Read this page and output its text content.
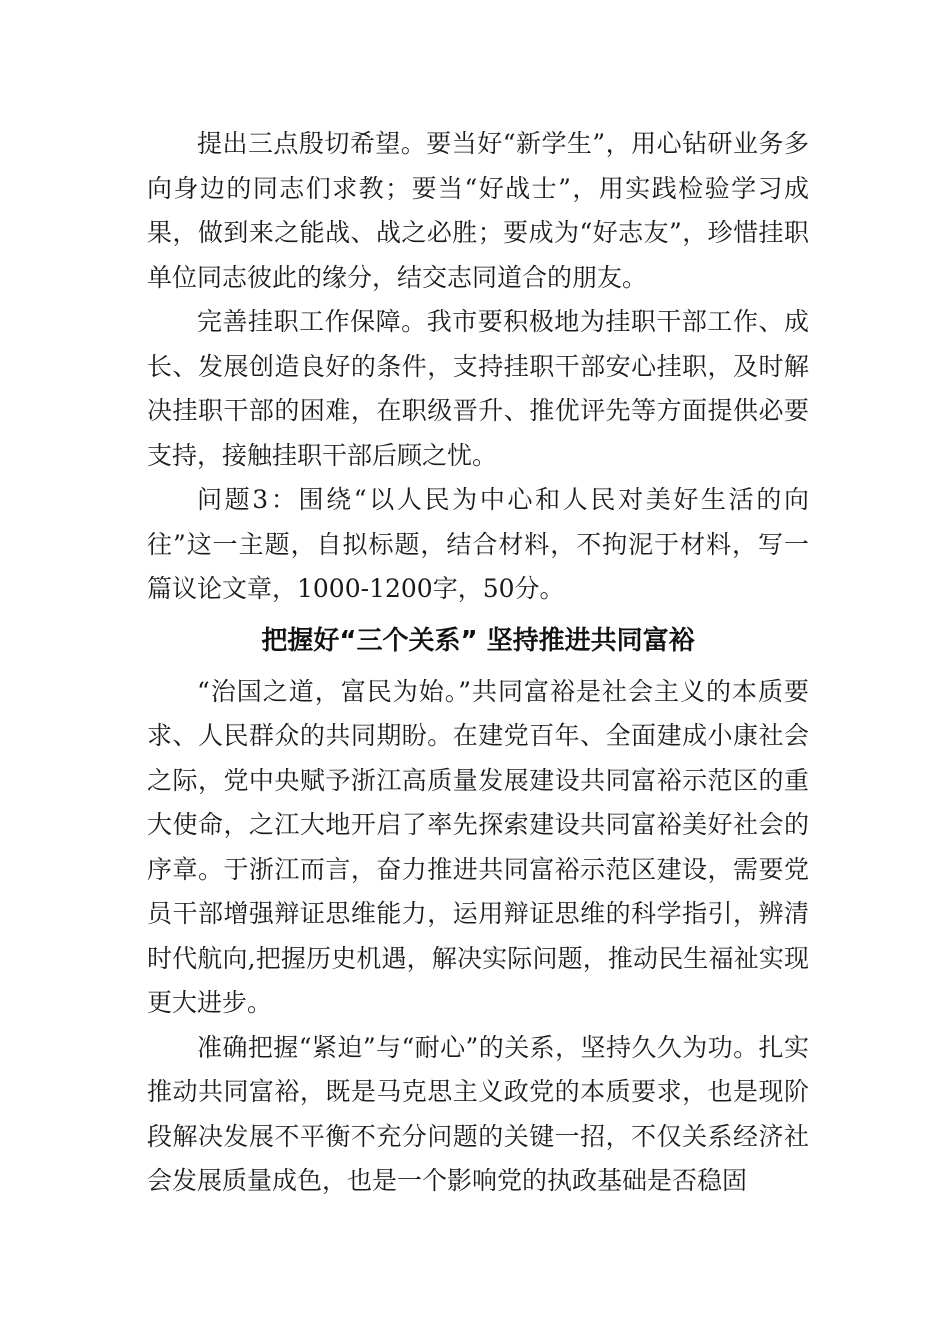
提出三点殷切希望。要当好“新学生”，用心钻研业务多向身边的同志们求教；要当“好战士”，用实践检验学习成果，做到来之能战、战之必胜；要成为“好志友”，珍惜挂职单位同志彼此的缘分，结交志同道合的朋友。

完善挂职工作保障。我市要积极地为挂职干部工作、成长、发展创造良好的条件，支持挂职干部安心挂职，及时解决挂职干部的困难，在职级晋升、推优评先等方面提供必要支持，接触挂职干部后顾之忧。

问题3：围绕“以人民为中心和人民对美好生活的向往”这一主题，自拟标题，结合材料，不拘泥于材料，写一篇议论文章，1000-1200字，50分。

把握好“三个关系” 坚持推进共同富裕

“治国之道，富民为始。”共同富裕是社会主义的本质要求、人民群众的共同期盼。在建党百年、全面建成小康社会之际，党中央赋予浙江高质量发展建设共同富裕示范区的重大使命，之江大地开启了率先探索建设共同富裕美好社会的序章。于浙江而言，奋力推进共同富裕示范区建设，需要党员干部增强辩证思维能力，运用辩证思维的科学指引，辨清时代航向,把握历史机遇，解决实际问题，推动民生福祉实现更大进步。

准确把握“紧迫”与“耐心”的关系，坚持久久为功。扎实推动共同富裕，既是马克思主义政党的本质要求，也是现阶段解决发展不平衡不充分问题的关键一招，不仅关系经济社会发展质量成色，也是一个影响党的执政基础是否稳固
